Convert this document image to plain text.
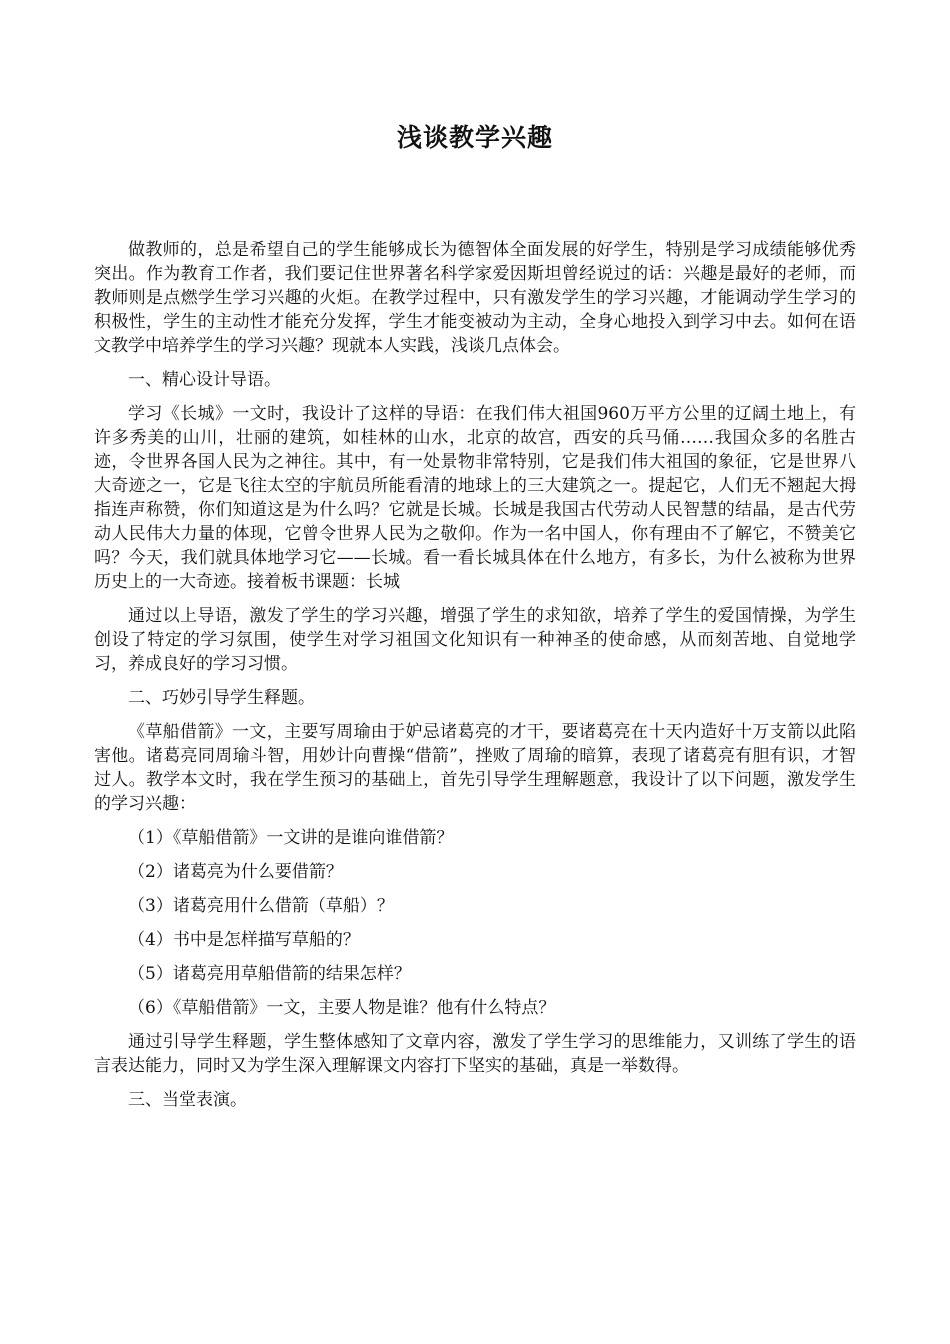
浅谈教学兴趣

做教师的，总是希望自己的学生能够成长为德智体全面发展的好学生，特别是学习成绩能够优秀突出。作为教育工作者，我们要记住世界著名科学家爱因斯坦曾经说过的话：兴趣是最好的老师，而教师则是点燃学生学习兴趣的火炬。在教学过程中，只有激发学生的学习兴趣，才能调动学生学习的积极性，学生的主动性才能充分发挥，学生才能变被动为主动，全身心地投入到学习中去。如何在语文教学中培养学生的学习兴趣？现就本人实践，浅谈几点体会。

一、精心设计导语。

学习《长城》一文时，我设计了这样的导语：在我们伟大祖国960万平方公里的辽阔土地上，有许多秀美的山川，壮丽的建筑，如桂林的山水，北京的故宫，西安的兵马俑……我国众多的名胜古迹，令世界各国人民为之神往。其中，有一处景物非常特别，它是我们伟大祖国的象征，它是世界八大奇迹之一，它是飞往太空的宇航员所能看清的地球上的三大建筑之一。提起它，人们无不翘起大拇指连声称赞，你们知道这是为什么吗？它就是长城。长城是我国古代劳动人民智慧的结晶，是古代劳动人民伟大力量的体现，它曾令世界人民为之敬仰。作为一名中国人，你有理由不了解它，不赞美它吗？今天，我们就具体地学习它——长城。看一看长城具体在什么地方，有多长，为什么被称为世界历史上的一大奇迹。接着板书课题：长城

通过以上导语，激发了学生的学习兴趣，增强了学生的求知欲，培养了学生的爱国情操，为学生创设了特定的学习氛围，使学生对学习祖国文化知识有一种神圣的使命感，从而刻苦地、自觉地学习，养成良好的学习习惯。

二、巧妙引导学生释题。

《草船借箭》一文，主要写周瑜由于妒忌诸葛亮的才干，要诸葛亮在十天内造好十万支箭以此陷害他。诸葛亮同周瑜斗智，用妙计向曹操“借箭”，挫败了周瑜的暗算，表现了诸葛亮有胆有识，才智过人。教学本文时，我在学生预习的基础上，首先引导学生理解题意，我设计了以下问题，激发学生的学习兴趣：

（1）《草船借箭》一文讲的是谁向谁借箭？

（2）诸葛亮为什么要借箭？

（3）诸葛亮用什么借箭（草船）？

（4）书中是怎样描写草船的？

（5）诸葛亮用草船借箭的结果怎样？

（6）《草船借箭》一文，主要人物是谁？他有什么特点？

通过引导学生释题，学生整体感知了文章内容，激发了学生学习的思维能力，又训练了学生的语言表达能力，同时又为学生深入理解课文内容打下坚实的基础，真是一举数得。

三、当堂表演。
